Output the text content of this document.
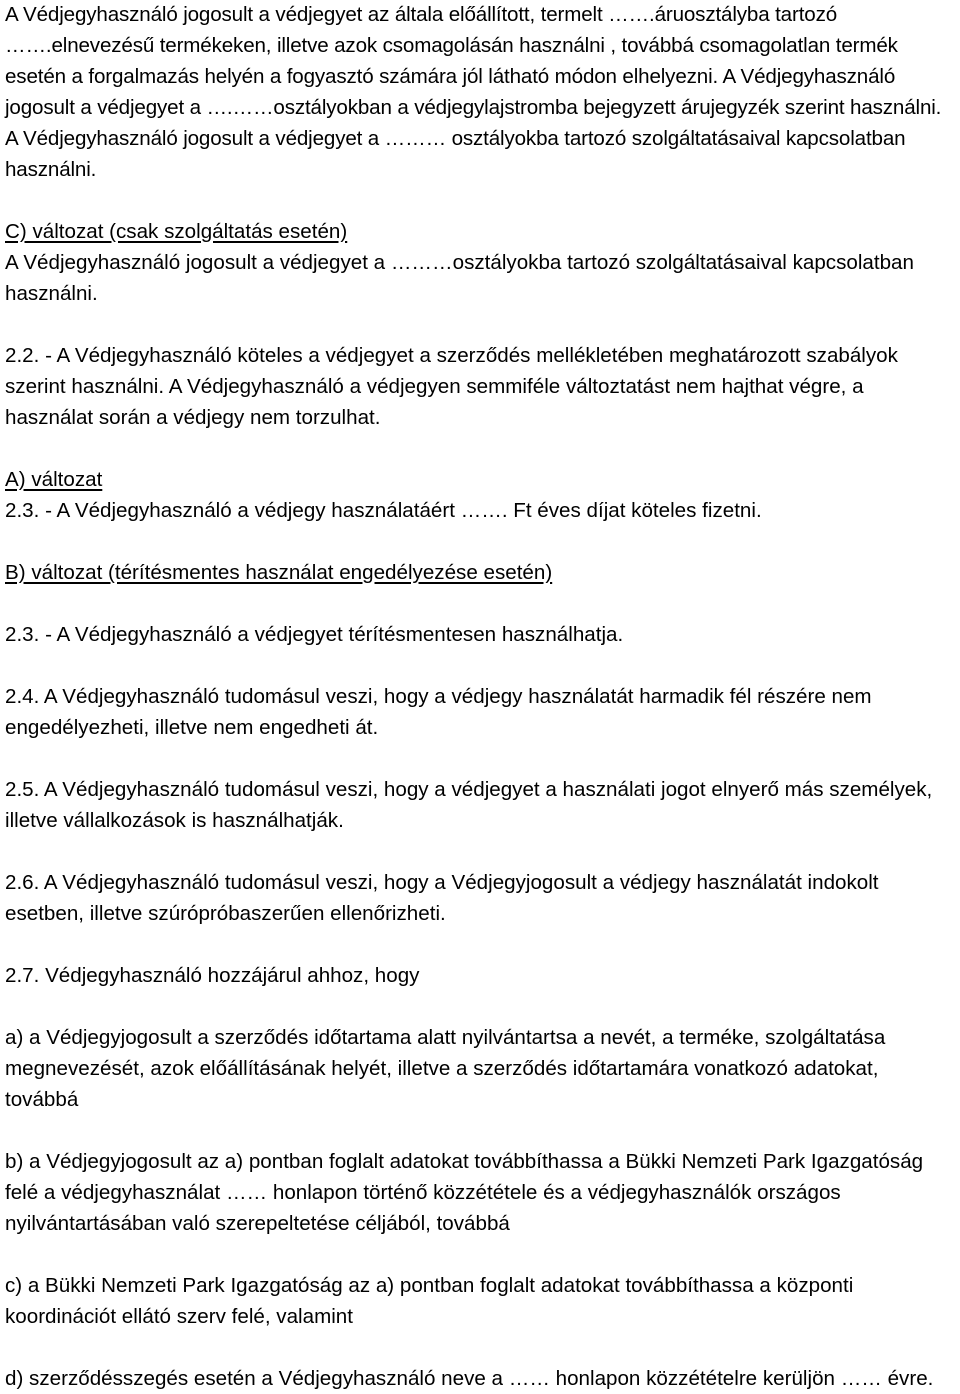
A Védjegyhasználó jogosult a védjegyet az általa előállított, termelt …….áruosztályba tartozó …….elnevezésű termékeken, illetve azok csomagolásán használni , továbbá csomagolatlan termék esetén a forgalmazás helyén a fogyasztó számára jól látható módon elhelyezni. A Védjegyhasználó jogosult a védjegyet a ….……osztályokban a védjegylajstromba bejegyzett árujegyzék szerint használni. A Védjegyhasználó jogosult a védjegyet a ……… osztályokba tartozó szolgáltatásaival kapcsolatban használni.

C) változat (csak szolgáltatás esetén)

A Védjegyhasználó jogosult a védjegyet a ………osztályokba tartozó szolgáltatásaival kapcsolatban használni.

2.2. - A Védjegyhasználó köteles a védjegyet a szerződés mellékletében meghatározott szabályok szerint használni. A Védjegyhasználó a védjegyen semmiféle változtatást nem hajthat végre, a használat során a védjegy nem torzulhat.

A) változat

2.3. - A Védjegyhasználó a védjegy használatáért ……. Ft éves díjat köteles fizetni.

B) változat (térítésmentes használat engedélyezése esetén)

2.3. - A Védjegyhasználó a védjegyet térítésmentesen használhatja.

2.4. A Védjegyhasználó tudomásul veszi, hogy a védjegy használatát harmadik fél részére nem engedélyezheti, illetve nem engedheti át.

2.5. A Védjegyhasználó tudomásul veszi, hogy a védjegyet a használati jogot elnyerő más személyek, illetve vállalkozások is használhatják.

2.6. A Védjegyhasználó tudomásul veszi, hogy a Védjegyjogosult a védjegy használatát indokolt esetben, illetve szúrópróbaszerűen ellenőrizheti.

2.7. Védjegyhasználó hozzájárul ahhoz, hogy

a) a Védjegyjogosult a szerződés időtartama alatt nyilvántartsa a nevét, a terméke, szolgáltatása megnevezését, azok előállításának helyét, illetve a szerződés időtartamára vonatkozó adatokat, továbbá

b) a Védjegyjogosult az a) pontban foglalt adatokat továbbíthassa a Bükki Nemzeti Park Igazgatóság felé a védjegyhasználat …… honlapon történő közzététele és a védjegyhasználók országos nyilvántartásában való szerepeltetése céljából, továbbá

c) a Bükki Nemzeti Park Igazgatóság az a) pontban foglalt adatokat továbbíthassa a központi koordinációt ellátó szerv felé, valamint

d) szerződésszegés esetén a Védjegyhasználó neve a …… honlapon közzétételre kerüljön …… évre.
